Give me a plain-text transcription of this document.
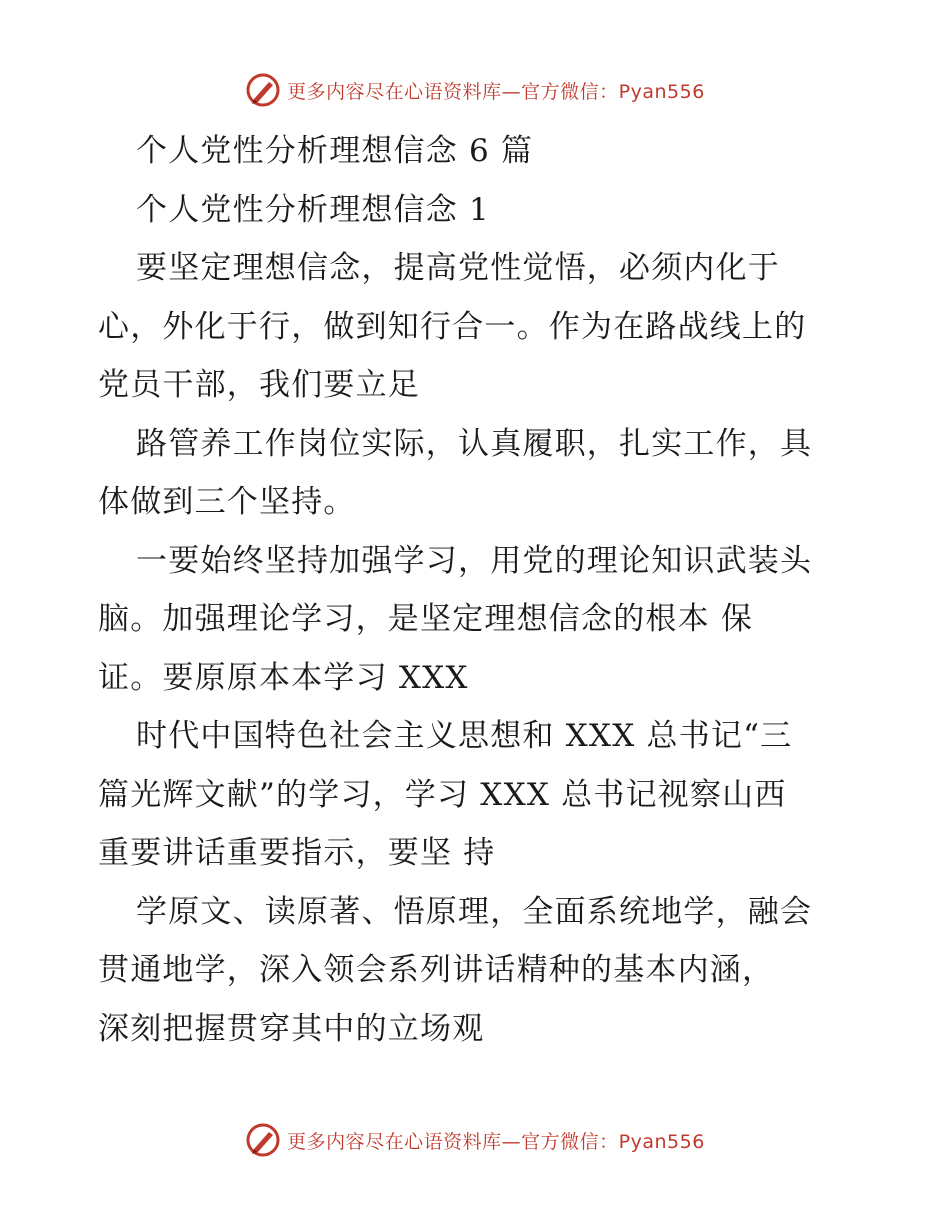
更多内容尽在心语资料库—官方微信：Pyan556
个人党性分析理想信念 6 篇
个人党性分析理想信念 1
要坚定理想信念，提高党性觉悟，必须内化于
心，外化于行，做到知行合一。作为在路战线上的
党员干部，我们要立足
路管养工作岗位实际，认真履职，扎实工作，具
体做到三个坚持。
一要始终坚持加强学习，用党的理论知识武装头
脑。加强理论学习，是坚定理想信念的根本 保
证。要原原本本学习 XXX
时代中国特色社会主义思想和 XXX 总书记“三
篇光辉文献”的学习，学习 XXX 总书记视察山西
重要讲话重要指示，要坚 持
学原文、读原著、悟原理，全面系统地学，融会
贯通地学，深入领会系列讲话精种的基本内涵，
深刻把握贯穿其中的立场观
更多内容尽在心语资料库—官方微信：Pyan556
